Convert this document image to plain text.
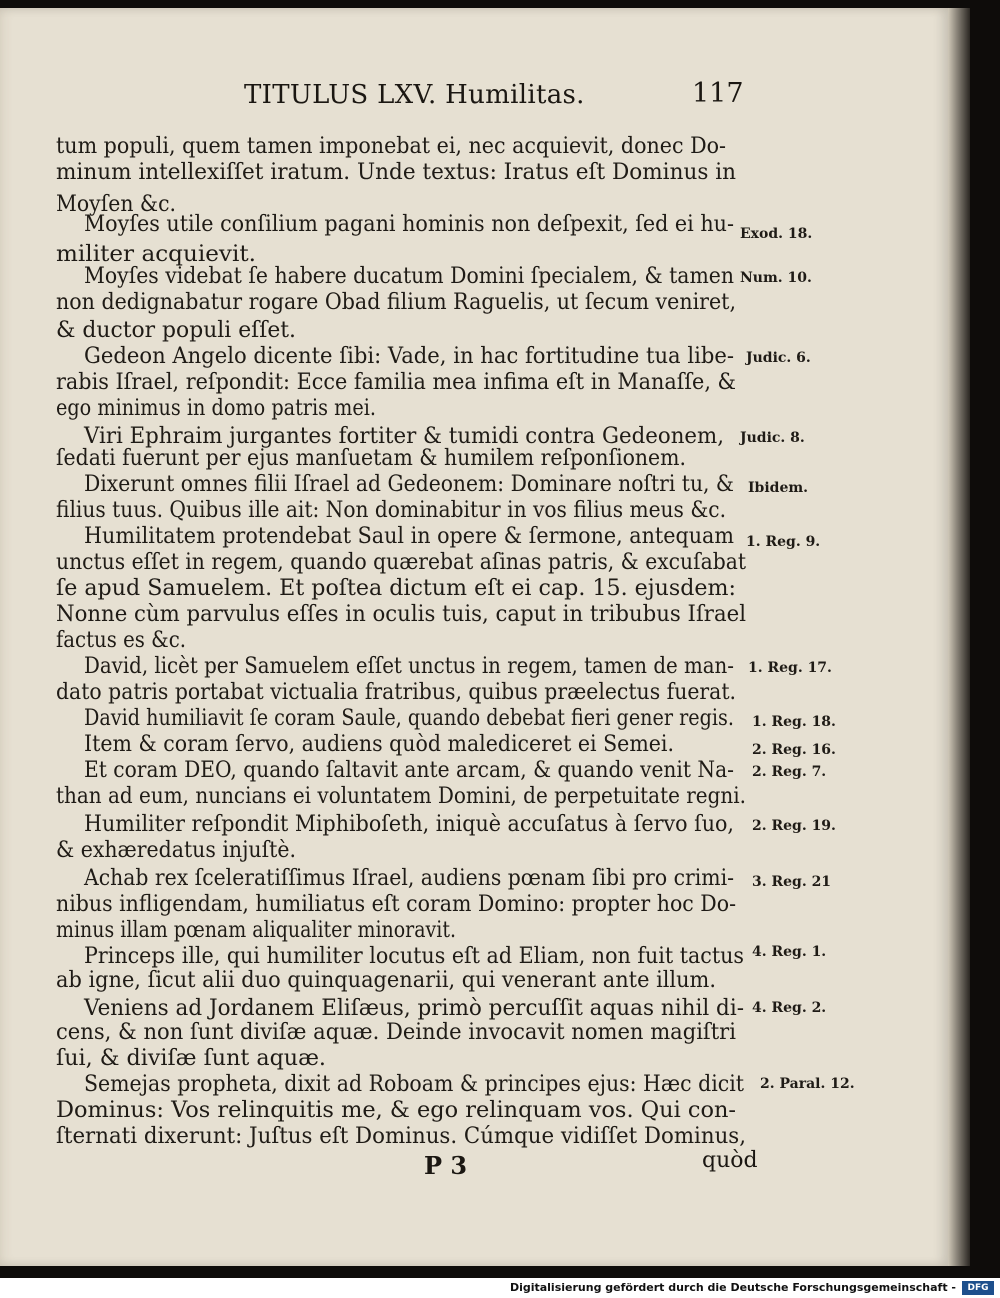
TITULUS LXV. Humilitas.	117
tum populi, quem tamen imponebat ei, nec acquievit, donec Do-
minum intellexiſſet iratum. Unde textus: Iratus eſt Dominus in
Moyſen &c.
Moyſes utile conſilium pagani hominis non deſpexit, ſed ei hu-
militer acquievit.
Moyſes videbat ſe habere ducatum Domini ſpecialem, & tamen
non dedignabatur rogare Obad filium Raguelis, ut ſecum veniret,
& ductor populi eſſet.
Gedeon Angelo dicente ſibi: Vade, in hac fortitudine tua libe-
rabis Iſrael, reſpondit: Ecce familia mea infima eſt in Manaſſe, &
ego minimus in domo patris mei.
Viri Ephraim jurgantes fortiter & tumidi contra Gedeonem,
ſedati fuerunt per ejus manſuetam & humilem reſponſionem.
Dixerunt omnes filii Iſrael ad Gedeonem: Dominare noſtri tu, &
filius tuus. Quibus ille ait: Non dominabitur in vos filius meus &c.
Humilitatem protendebat Saul in opere & ſermone, antequam
unctus eſſet in regem, quando quærebat aſinas patris, & excuſabat
ſe apud Samuelem. Et poſtea dictum eſt ei cap. 15. ejusdem:
Nonne cùm parvulus eſſes in oculis tuis, caput in tribubus Iſrael
factus es &c.
David, licèt per Samuelem eſſet unctus in regem, tamen de man-
dato patris portabat victualia fratribus, quibus præelectus fuerat.
David humiliavit ſe coram Saule, quando debebat fieri gener regis.
Item & coram ſervo, audiens quòd malediceret ei Semei.
Et coram DEO, quando ſaltavit ante arcam, & quando venit Na-
than ad eum, nuncians ei voluntatem Domini, de perpetuitate regni.
Humiliter reſpondit Miphiboſeth, iniquè accuſatus à ſervo ſuo,
& exhæredatus injuſtè.
Achab rex ſceleratiſſimus Iſrael, audiens pœnam ſibi pro crimi-
nibus infligendam, humiliatus eſt coram Domino: propter hoc Do-
minus illam pœnam aliqualiter minoravit.
Princeps ille, qui humiliter locutus eſt ad Eliam, non fuit tactus
ab igne, ſicut alii duo quinquagenarii, qui venerant ante illum.
Veniens ad Jordanem Eliſæus, primò percuſſit aquas nihil di-
cens, & non ſunt diviſæ aquæ. Deinde invocavit nomen magiſtri
ſui, & diviſæ ſunt aquæ.
Semejas propheta, dixit ad Roboam & principes ejus: Hæc dicit
Dominus: Vos relinquitis me, & ego relinquam vos. Qui con-
ſternati dixerunt: Juſtus eſt Dominus. Cúmque vidiſſet Dominus,
Exod. 18.
Num. 10.
Judic. 6.
Judic. 8.
Ibidem.
1. Reg. 9.
1. Reg. 17.
1. Reg. 18.
2. Reg. 16.
2. Reg. 7.
2. Reg. 19.
3. Reg. 21
4. Reg. 1.
4. Reg. 2.
2. Paral. 12.
P 3	quòd
Digitalisierung gefördert durch die Deutsche Forschungsgemeinschaft -	DFG
